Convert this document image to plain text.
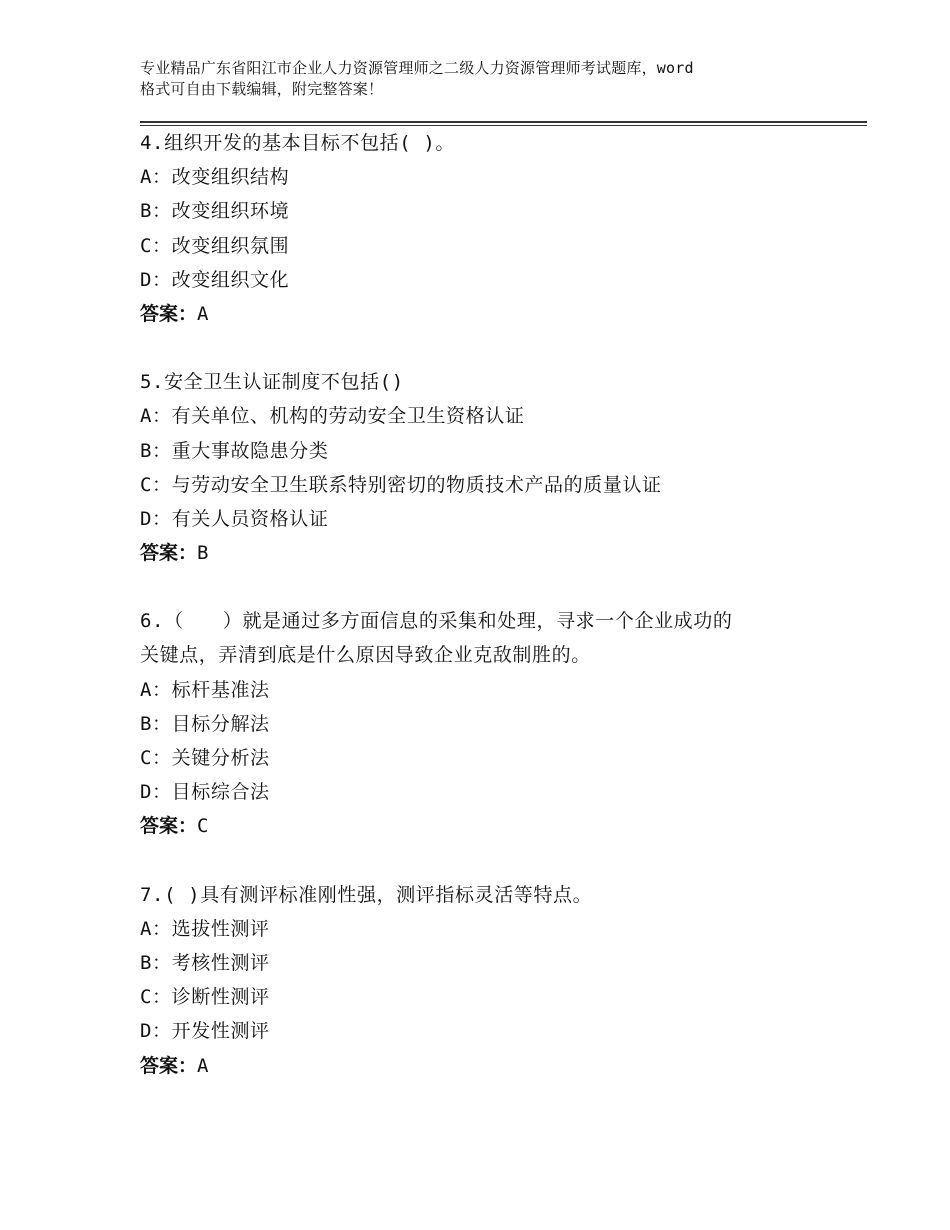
专业精品广东省阳江市企业人力资源管理师之二级人力资源管理师考试题库，word
格式可自由下载编辑，附完整答案！
4.组织开发的基本目标不包括( )。
A：改变组织结构
B：改变组织环境
C：改变组织氛围
D：改变组织文化
答案：A
5.安全卫生认证制度不包括()
A：有关单位、机构的劳动安全卫生资格认证
B：重大事故隐患分类
C：与劳动安全卫生联系特别密切的物质技术产品的质量认证
D：有关人员资格认证
答案：B
6.（　　）就是通过多方面信息的采集和处理，寻求一个企业成功的
关键点，弄清到底是什么原因导致企业克敌制胜的。
A：标杆基准法
B：目标分解法
C：关键分析法
D：目标综合法
答案：C
7.( )具有测评标准刚性强，测评指标灵活等特点。
A：选拔性测评
B：考核性测评
C：诊断性测评
D：开发性测评
答案：A
